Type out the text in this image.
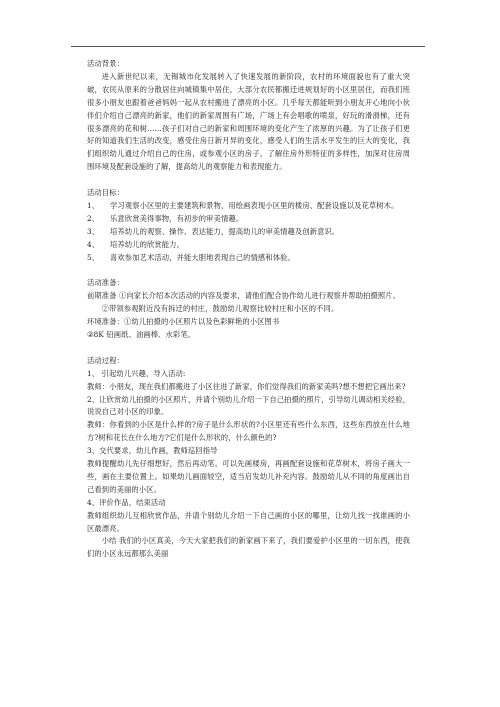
活动背景：

进入新世纪以来，无锡城市化发展转入了快速发展的新阶段，农村的环境面貌也有了重大突破，农民从原来的分散居住向城镇集中居住，大部分农民都搬迁进规划好的小区里居住，而我们班很多小朋友也跟着爸爸妈妈一起从农村搬进了漂亮的小区。几乎每天都能听到小朋友开心地向小伙伴们介绍自己漂亮的新家，他们的新家周围有广场，广场上有会唱歌的喷泉，好玩的滑滑梯，还有很多漂亮的花和树……孩子们对自己的新家和周围环境的变化产生了浓厚的兴趣。为了让孩子们更好的知道我们生活的改变，感受住房日新月异的变化，感受人们的生活水平发生的巨大的变化，我们组织幼儿通过介绍自己的住房，或参观小区的房子，了解住房外形特征的多样性，加深对住房周围环境及配套设施的了解，提高幼儿的观察能力和表现能力。

活动目标：

1、	学习观察小区里的主要建筑和景物，用绘画表现小区里的楼房、配套设施以及花草树木。
2、	乐意欣赏美得事物，有初步的审美情趣。
3、	培养幼儿的观察、操作、表达能力，提高幼儿的审美情趣及创新意识。
4、	培养幼儿的欣赏能力。
5、	喜欢参加艺术活动，并能大胆地表现自己的情感和体验。

活动准备：

前期准备 ①向家长介绍本次活动的内容及要求，请他们配合协作幼儿进行观察并帮助拍摄照片。

②带领参观附近没有拆迁的村庄，鼓励幼儿观察比较村庄和小区的不同。

环境准备：①幼儿拍摄的小区照片以及色彩鲜艳的小区图书

②8K 铅画纸、油画棒、水彩笔。

活动过程：

1、 引起幼儿兴趣，导入活动:

教师：小朋友，现在我们都搬进了小区住进了新家，你们觉得我们的新家美吗?想不想把它画出来?

2、让欣赏幼儿拍摄的小区照片，并请个别幼儿介绍一下自己拍摄的照片，引导幼儿调动相关经验，说说自己对小区的印象。

教师：你看到的小区是什么样的?房子是什么形状的?小区里还有些什么东西，这些东西放在什么地方?树和花长在什么地方?它们是什么形状的，什么颜色的?

3、交代要求，幼儿作画，教师巡回指导

教师提醒幼儿先仔细想好，然后再动笔。可以先画楼房，再画配套设施和花草树木，将房子画大一些，画在主要位置上。如果幼儿画面较空，适当启发幼儿补充内容。鼓励幼儿从不同的角度画出自己看到的美丽的小区。

4、评价作品，结束活动

教师组织幼儿互相欣赏作品，并请个别幼儿介绍一下自己画的小区的哪里，让幼儿找一找谁画的小区最漂亮。

小结 我们的小区真美，今天大家把我们的新家画下来了，我们要爱护小区里的一切东西，使我们的小区永远都那么美丽
